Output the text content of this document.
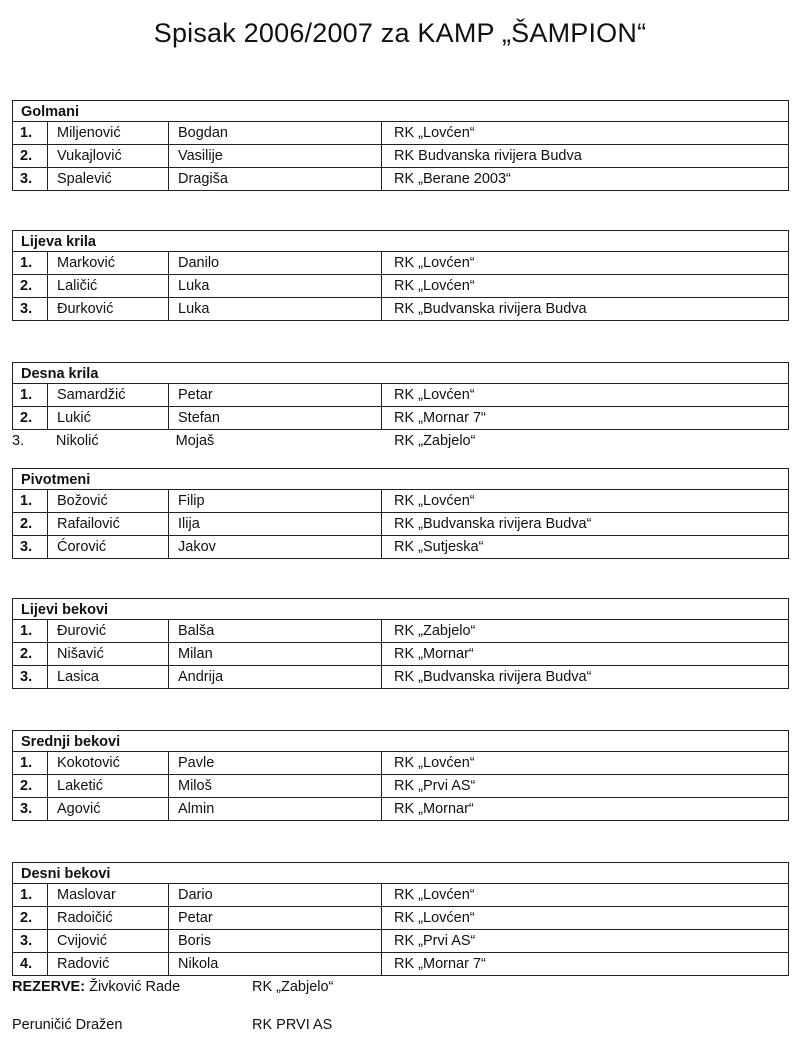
Spisak 2006/2007 za KAMP „ŠAMPION“
Golmani
1.	Miljenović	Bogdan	RK „Lovćen“
2.	Vukajlović	Vasilije	RK Budvanska rivijera Budva
3.	Spalević	Dragiša	RK „Berane 2003“
Lijeva krila
1.	Marković	Danilo	RK „Lovćen“
2.	Laličić	Luka	RK „Lovćen“
3.	Đurković	Luka	RK „Budvanska rivijera Budva
Desna krila
1.	Samardžić	Petar	RK „Lovćen“
2.	Lukić	Stefan	RK „Mornar 7“
3.	Nikolić	Mojaš	RK „Zabjelo“
Pivotmeni
1.	Božović	Filip	RK „Lovćen“
2.	Rafailović	Ilija	RK „Budvanska rivijera Budva“
3.	Ćorović	Jakov	RK „Sutjeska“
Lijevi bekovi
1.	Đurović	Balša	RK „Zabjelo“
2.	Nišavić	Milan	RK „Mornar“
3.	Lasica	Andrija	RK „Budvanska rivijera Budva“
Srednji bekovi
1.	Kokotović	Pavle	RK „Lovćen“
2.	Laketić	Miloš	RK „Prvi AS“
3.	Agović	Almin	RK „Mornar“
Desni bekovi
1.	Maslovar	Dario	RK „Lovćen“
2.	Radoičić	Petar	RK „Lovćen“
3.	Cvijović	Boris	RK „Prvi AS“
4.	Radović	Nikola	RK „Mornar 7“
REZERVE: Živković Rade	RK „Zabjelo“
Peruničić Dražen	RK PRVI AS
